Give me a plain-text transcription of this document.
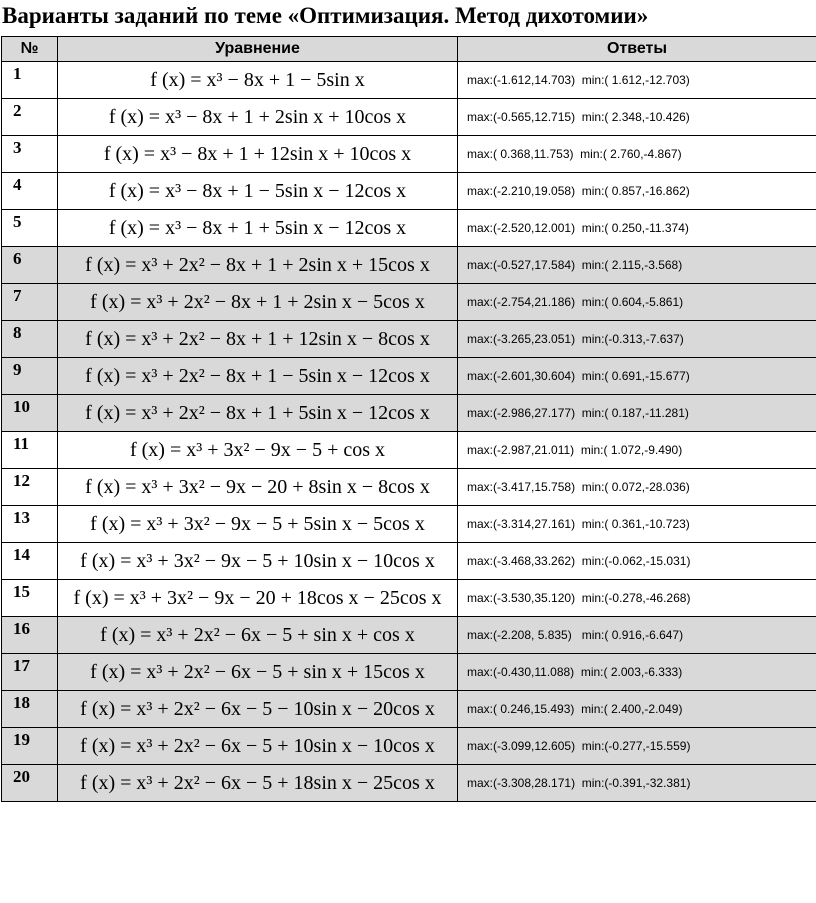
Варианты заданий по теме «Оптимизация. Метод дихотомии»
№	Уравнение	Ответы
1	f (x) = x³ − 8x + 1 − 5sin x	max:(-1.612,14.703)  min:( 1.612,-12.703)
2	f (x) = x³ − 8x + 1 + 2sin x + 10cos x	max:(-0.565,12.715)  min:( 2.348,-10.426)
3	f (x) = x³ − 8x + 1 + 12sin x + 10cos x	max:( 0.368,11.753)  min:( 2.760,-4.867)
4	f (x) = x³ − 8x + 1 − 5sin x − 12cos x	max:(-2.210,19.058)  min:( 0.857,-16.862)
5	f (x) = x³ − 8x + 1 + 5sin x − 12cos x	max:(-2.520,12.001)  min:( 0.250,-11.374)
6	f (x) = x³ + 2x² − 8x + 1 + 2sin x + 15cos x	max:(-0.527,17.584)  min:( 2.115,-3.568)
7	f (x) = x³ + 2x² − 8x + 1 + 2sin x − 5cos x	max:(-2.754,21.186)  min:( 0.604,-5.861)
8	f (x) = x³ + 2x² − 8x + 1 + 12sin x − 8cos x	max:(-3.265,23.051)  min:(-0.313,-7.637)
9	f (x) = x³ + 2x² − 8x + 1 − 5sin x − 12cos x	max:(-2.601,30.604)  min:( 0.691,-15.677)
10	f (x) = x³ + 2x² − 8x + 1 + 5sin x − 12cos x	max:(-2.986,27.177)  min:( 0.187,-11.281)
11	f (x) = x³ + 3x² − 9x − 5 + cos x	max:(-2.987,21.011)  min:( 1.072,-9.490)
12	f (x) = x³ + 3x² − 9x − 20 + 8sin x − 8cos x	max:(-3.417,15.758)  min:( 0.072,-28.036)
13	f (x) = x³ + 3x² − 9x − 5 + 5sin x − 5cos x	max:(-3.314,27.161)  min:( 0.361,-10.723)
14	f (x) = x³ + 3x² − 9x − 5 + 10sin x − 10cos x	max:(-3.468,33.262)  min:(-0.062,-15.031)
15	f (x) = x³ + 3x² − 9x − 20 + 18cos x − 25cos x	max:(-3.530,35.120)  min:(-0.278,-46.268)
16	f (x) = x³ + 2x² − 6x − 5 + sin x + cos x	max:(-2.208, 5.835)   min:( 0.916,-6.647)
17	f (x) = x³ + 2x² − 6x − 5 + sin x + 15cos x	max:(-0.430,11.088)  min:( 2.003,-6.333)
18	f (x) = x³ + 2x² − 6x − 5 − 10sin x − 20cos x	max:( 0.246,15.493)  min:( 2.400,-2.049)
19	f (x) = x³ + 2x² − 6x − 5 + 10sin x − 10cos x	max:(-3.099,12.605)  min:(-0.277,-15.559)
20	f (x) = x³ + 2x² − 6x − 5 + 18sin x − 25cos x	max:(-3.308,28.171)  min:(-0.391,-32.381)
